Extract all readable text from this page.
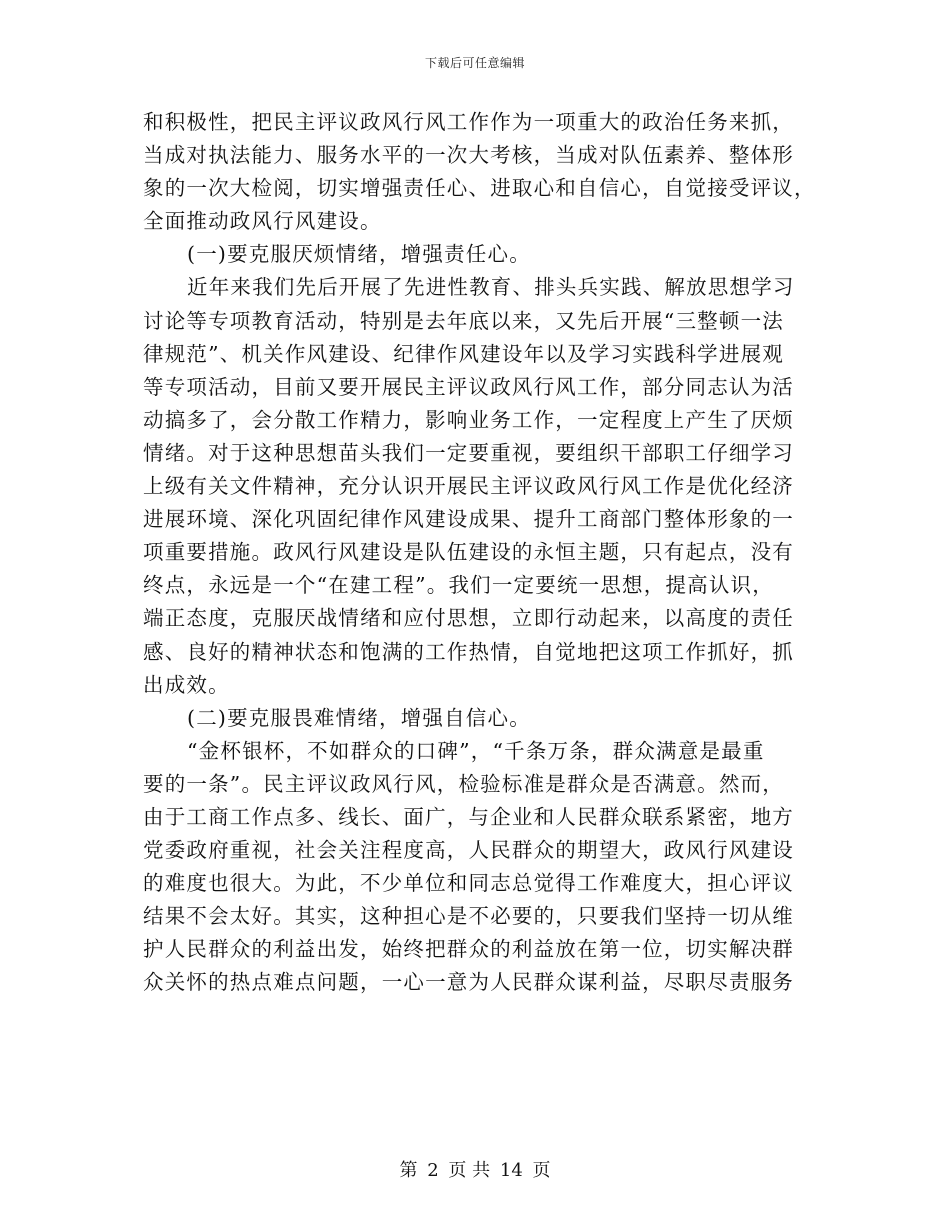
下载后可任意编辑
和积极性，把民主评议政风行风工作作为一项重大的政治任务来抓，
当成对执法能力、服务水平的一次大考核，当成对队伍素养、整体形
象的一次大检阅，切实增强责任心、进取心和自信心，自觉接受评议，
全面推动政风行风建设。
(一)要克服厌烦情绪，增强责任心。
近年来我们先后开展了先进性教育、排头兵实践、解放思想学习
讨论等专项教育活动，特别是去年底以来，又先后开展“三整顿一法
律规范”、机关作风建设、纪律作风建设年以及学习实践科学进展观
等专项活动，目前又要开展民主评议政风行风工作，部分同志认为活
动搞多了，会分散工作精力，影响业务工作，一定程度上产生了厌烦
情绪。对于这种思想苗头我们一定要重视，要组织干部职工仔细学习
上级有关文件精神，充分认识开展民主评议政风行风工作是优化经济
进展环境、深化巩固纪律作风建设成果、提升工商部门整体形象的一
项重要措施。政风行风建设是队伍建设的永恒主题，只有起点，没有
终点，永远是一个“在建工程”。我们一定要统一思想，提高认识，
端正态度，克服厌战情绪和应付思想，立即行动起来，以高度的责任
感、良好的精神状态和饱满的工作热情，自觉地把这项工作抓好，抓
出成效。
(二)要克服畏难情绪，增强自信心。
“金杯银杯，不如群众的口碑”，“千条万条，群众满意是最重
要的一条”。民主评议政风行风，检验标准是群众是否满意。然而，
由于工商工作点多、线长、面广，与企业和人民群众联系紧密，地方
党委政府重视，社会关注程度高，人民群众的期望大，政风行风建设
的难度也很大。为此，不少单位和同志总觉得工作难度大，担心评议
结果不会太好。其实，这种担心是不必要的，只要我们坚持一切从维
护人民群众的利益出发，始终把群众的利益放在第一位，切实解决群
众关怀的热点难点问题，一心一意为人民群众谋利益，尽职尽责服务
第 2 页 共 14 页
